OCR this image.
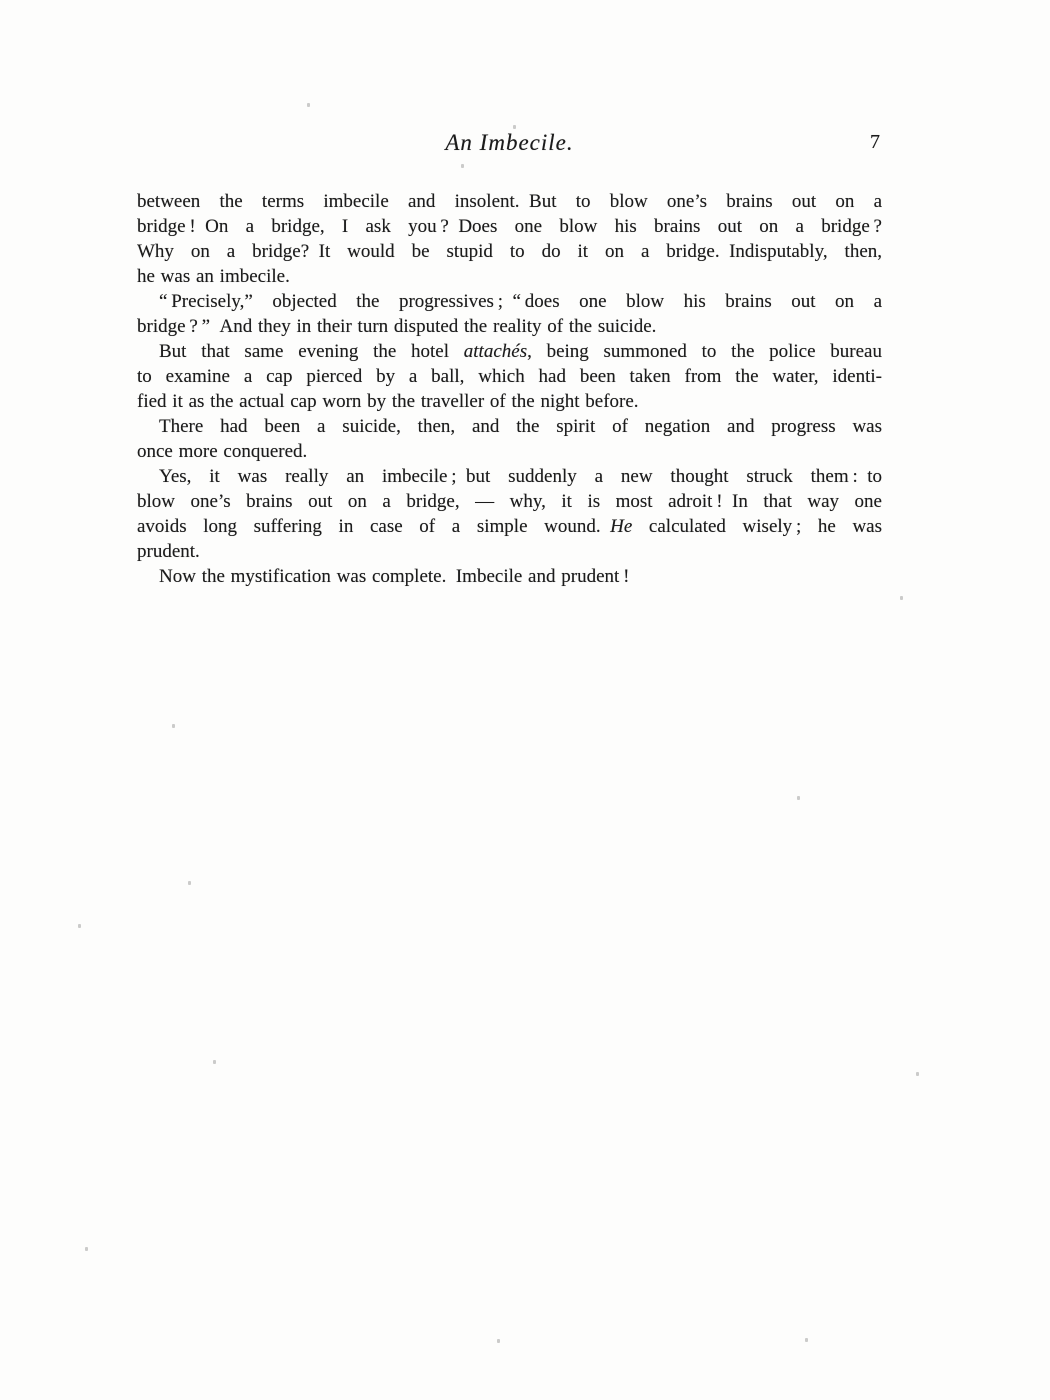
An Imbecile.	7
between the terms imbecile and insolent. But to blow one’s brains out on a
bridge ! On a bridge, I ask you ? Does one blow his brains out on a bridge ?
Why on a bridge? It would be stupid to do it on a bridge. Indisputably, then,
he was an imbecile.
“ Precisely,” objected the progressives ; “ does one blow his brains out on a
bridge ? ” And they in their turn disputed the reality of the suicide.
But that same evening the hotel attachés, being summoned to the police bureau
to examine a cap pierced by a ball, which had been taken from the water, identi-
fied it as the actual cap worn by the traveller of the night before.
There had been a suicide, then, and the spirit of negation and progress was
once more conquered.
Yes, it was really an imbecile ; but suddenly a new thought struck them : to
blow one’s brains out on a bridge, — why, it is most adroit ! In that way one
avoids long suffering in case of a simple wound. He calculated wisely ; he was
prudent.
Now the mystification was complete. Imbecile and prudent !
